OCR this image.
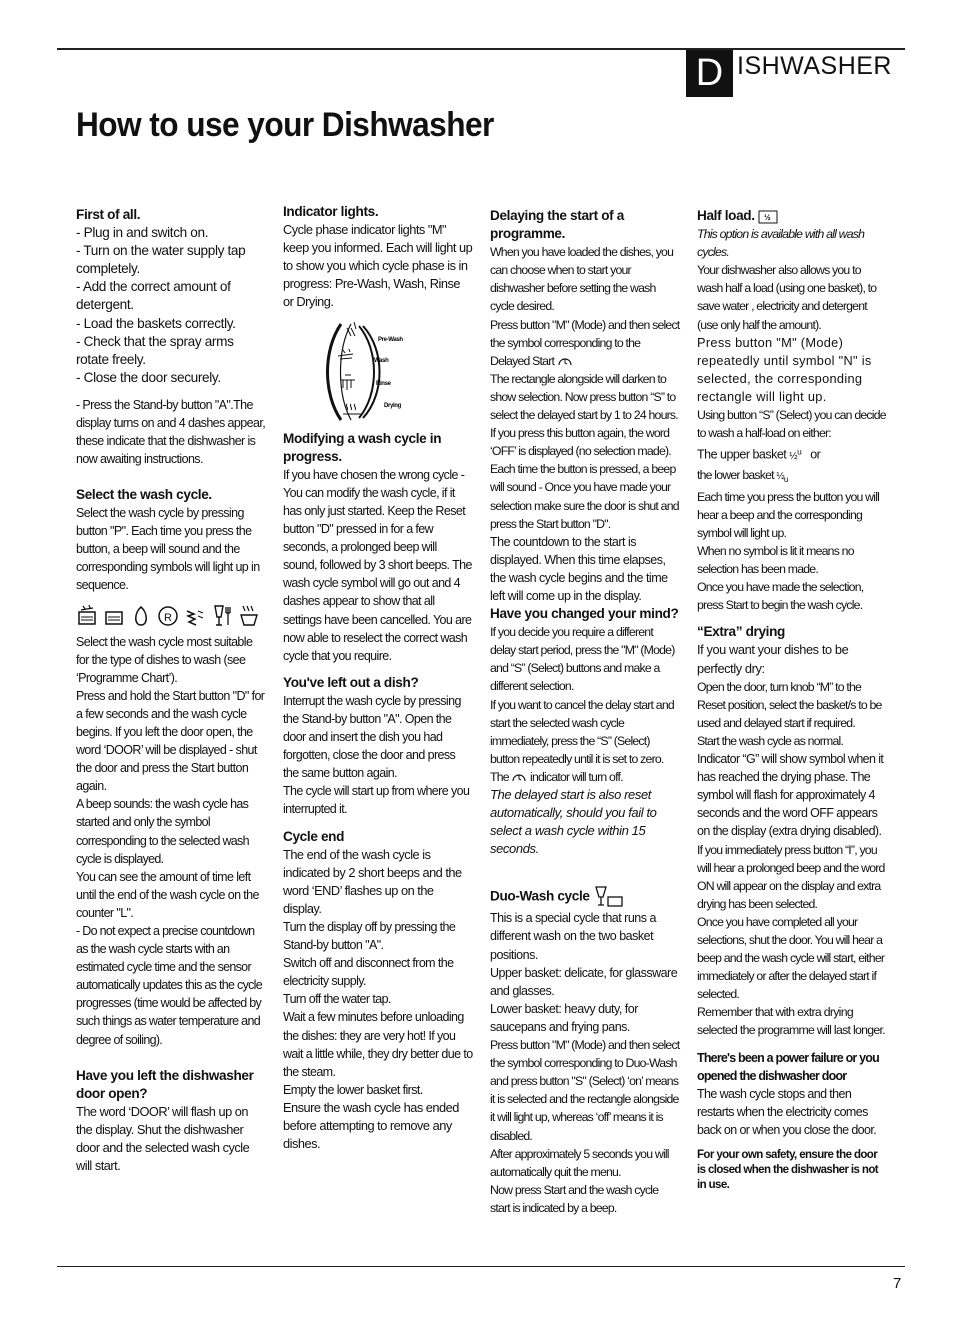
D ISHWASHER
How to use your Dishwasher
First of all.

- Plug in and switch on.

- Turn on the water supply tap completely.

- Add the correct amount of detergent.

- Load the baskets correctly.

- Check that the spray arms rotate freely.

- Close the door securely.

- Press the Stand-by button "A".The display turns on and 4 dashes appear, these indicate that the dishwasher is now awaiting instructions.

Select the wash cycle.

Select the wash cycle by pressing button "P". Each time you press the button, a beep will sound and the corresponding symbols will light up in sequence.

R

Select the wash cycle most suitable for the type of dishes to wash (see ‘Programme Chart’).

Press and hold the Start button "D" for a few seconds and the wash cycle begins. If you left the door open, the word ‘DOOR’ will be displayed - shut the door and press the Start button again.

A beep sounds: the wash cycle has started and only the symbol corresponding to the selected wash cycle is displayed.

You can see the amount of time left until the end of the wash cycle on the counter "L".

- Do not expect a precise countdown as the wash cycle starts with an estimated cycle time and the sensor automatically updates this as the cycle progresses (time would be affected by such things as water temperature and degree of soiling).

Have you left the dishwasher door open?

The word ‘DOOR’ will flash up on the display. Shut the dishwasher door and the selected wash cycle will start.

Indicator lights.

Cycle phase indicator lights "M" keep you informed. Each will light up to show you which cycle phase is in progress: Pre-Wash, Wash, Rinse or Drying.

Pre-Wash
Wash
Rinse
Drying
Modifying a wash cycle in progress.

If you have chosen the wrong cycle - You can modify the wash cycle, if it has only just started. Keep the Reset button "D" pressed in for a few seconds, a prolonged beep will sound, followed by 3 short beeps. The wash cycle symbol will go out and 4 dashes appear to show that all settings have been cancelled. You are now able to reselect the correct wash cycle that you require.

You've left out a dish?

Interrupt the wash cycle by pressing the Stand-by button "A". Open the door and insert the dish you had forgotten, close the door and press the same button again.

The cycle will start up from where you interrupted it.

Cycle end

The end of the wash cycle is indicated by 2 short beeps and the word ‘END’ flashes up on the display.

Turn the display off by pressing the Stand-by button "A".

Switch off and disconnect from the electricity supply.

Turn off the water tap.

Wait a few minutes before unloading the dishes: they are very hot! If you wait a little while, they dry better due to the steam.

Empty the lower basket first.

Ensure the wash cycle has ended before attempting to remove any dishes.

Delaying the start of a programme.

When you have loaded the dishes, you can choose when to start your dishwasher before setting the wash cycle desired.

Press button "M" (Mode) and then select the symbol corresponding to the Delayed Start

The rectangle alongside will darken to show selection. Now press button “S” to select the delayed start by 1 to 24 hours. If you press this button again, the word ‘OFF’ is displayed (no selection made).

Each time the button is pressed, a beep will sound - Once you have made your selection make sure the door is shut and press the Start button "D".

The countdown to the start is displayed. When this time elapses, the wash cycle begins and the time left will come up in the display.

Have you changed your mind?

If you decide you require a different delay start period, press the "M" (Mode) and “S” (Select) buttons and make a different selection.

If you want to cancel the delay start and start the selected wash cycle immediately, press the “S” (Select) button repeatedly until it is set to zero. The indicator will turn off.

The delayed start is also reset automatically, should you fail to select a wash cycle within 15 seconds.

Duo-Wash cycle

This is a special cycle that runs a different wash on the two basket positions.

Upper basket: delicate, for glassware and glasses.

Lower basket: heavy duty, for saucepans and frying pans.

Press button "M" (Mode) and then select the symbol corresponding to Duo-Wash and press button "S" (Select) ‘on’ means it is selected and the rectangle alongside it will light up, whereas ‘off’ means it is disabled.

After approximately 5 seconds you will automatically quit the menu.

Now press Start and the wash cycle start is indicated by a beep.

Half load. ½

This option is available with all wash cycles.

Your dishwasher also allows you to wash half a load (using one basket), to save water , electricity and detergent (use only half the amount).

Press button "M" (Mode) repeatedly until symbol "N" is selected, the corresponding rectangle will light up.

Using button “S” (Select) you can decide to wash a half-load on either:

The upper basket ½$^u$ or

the lower basket $\frac{1}{2}_u$

Each time you press the button you will hear a beep and the corresponding symbol will light up.

When no symbol is lit it means no selection has been made.

Once you have made the selection, press Start to begin the wash cycle.

“Extra” drying

If you want your dishes to be perfectly dry:

Open the door, turn knob “M” to the Reset position, select the basket/s to be used and delayed start if required.

Start the wash cycle as normal.

Indicator “G” will show symbol when it has reached the drying phase. The symbol will flash for approximately 4 seconds and the word OFF appears on the display (extra drying disabled).

If you immediately press button “I”, you will hear a prolonged beep and the word ON will appear on the display and extra drying has been selected.

Once you have completed all your selections, shut the door. You will hear a beep and the wash cycle will start, either immediately or after the delayed start if selected.

Remember that with extra drying selected the programme will last longer.

There's been a power failure or you opened the dishwasher door

The wash cycle stops and then restarts when the electricity comes back on or when you close the door.

For your own safety, ensure the door is closed when the dishwasher is not in use.

7
